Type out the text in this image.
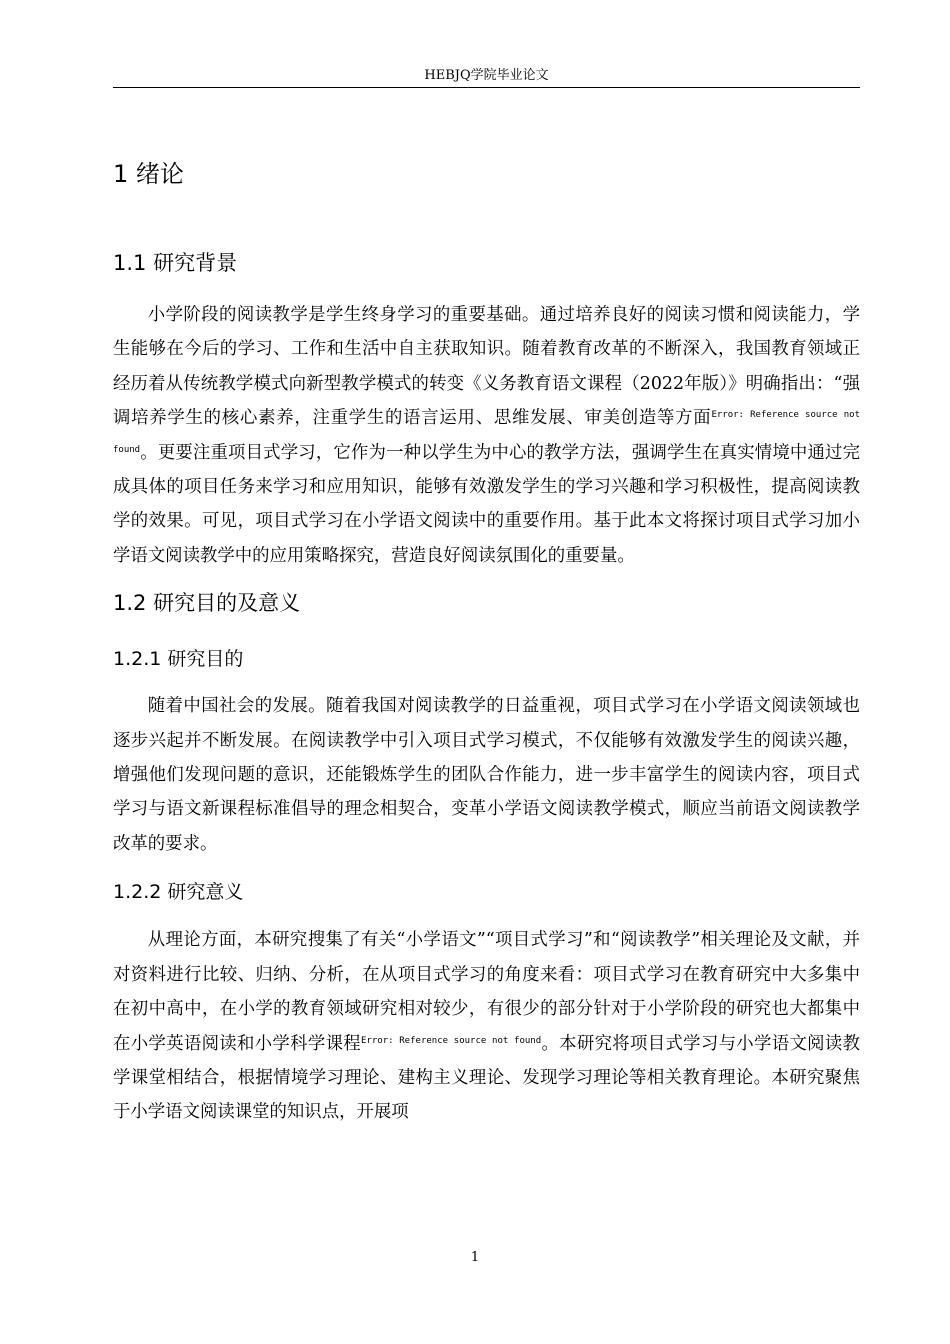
HEBJQ学院毕业论文
1 绪论
1.1 研究背景

小学阶段的阅读教学是学生终身学习的重要基础。通过培养良好的阅读习惯和阅读能力，学生能够在今后的学习、工作和生活中自主获取知识。随着教育改革的不断深入，我国教育领域正经历着从传统教学模式向新型教学模式的转变《义务教育语文课程（2022年版）》明确指出：“强调培养学生的核心素养，注重学生的语言运用、思维发展、审美创造等方面$^{Error: Reference source not found}$。更要注重项目式学习，它作为一种以学生为中心的教学方法，强调学生在真实情境中通过完成具体的项目任务来学习和应用知识，能够有效激发学生的学习兴趣和学习积极性，提高阅读教学的效果。可见，项目式学习在小学语文阅读中的重要作用。基于此本文将探讨项目式学习加小学语文阅读教学中的应用策略探究，营造良好阅读氛围化的重要量。

1.2 研究目的及意义
1.2.1 研究目的

随着中国社会的发展。随着我国对阅读教学的日益重视，项目式学习在小学语文阅读领域也逐步兴起并不断发展。在阅读教学中引入项目式学习模式，不仅能够有效激发学生的阅读兴趣，增强他们发现问题的意识，还能锻炼学生的团队合作能力，进一步丰富学生的阅读内容，项目式学习与语文新课程标准倡导的理念相契合，变革小学语文阅读教学模式，顺应当前语文阅读教学改革的要求。

1.2.2 研究意义

从理论方面，本研究搜集了有关“小学语文”“项目式学习”和“阅读教学”相关理论及文献，并对资料进行比较、归纳、分析，在从项目式学习的角度来看：项目式学习在教育研究中大多集中在初中高中，在小学的教育领域研究相对较少，有很少的部分针对于小学阶段的研究也大都集中在小学英语阅读和小学科学课程$^{Error: Reference source not found}$。本研究将项目式学习与小学语文阅读教学课堂相结合，根据情境学习理论、建构主义理论、发现学习理论等相关教育理论。本研究聚焦于小学语文阅读课堂的知识点，开展项

1
